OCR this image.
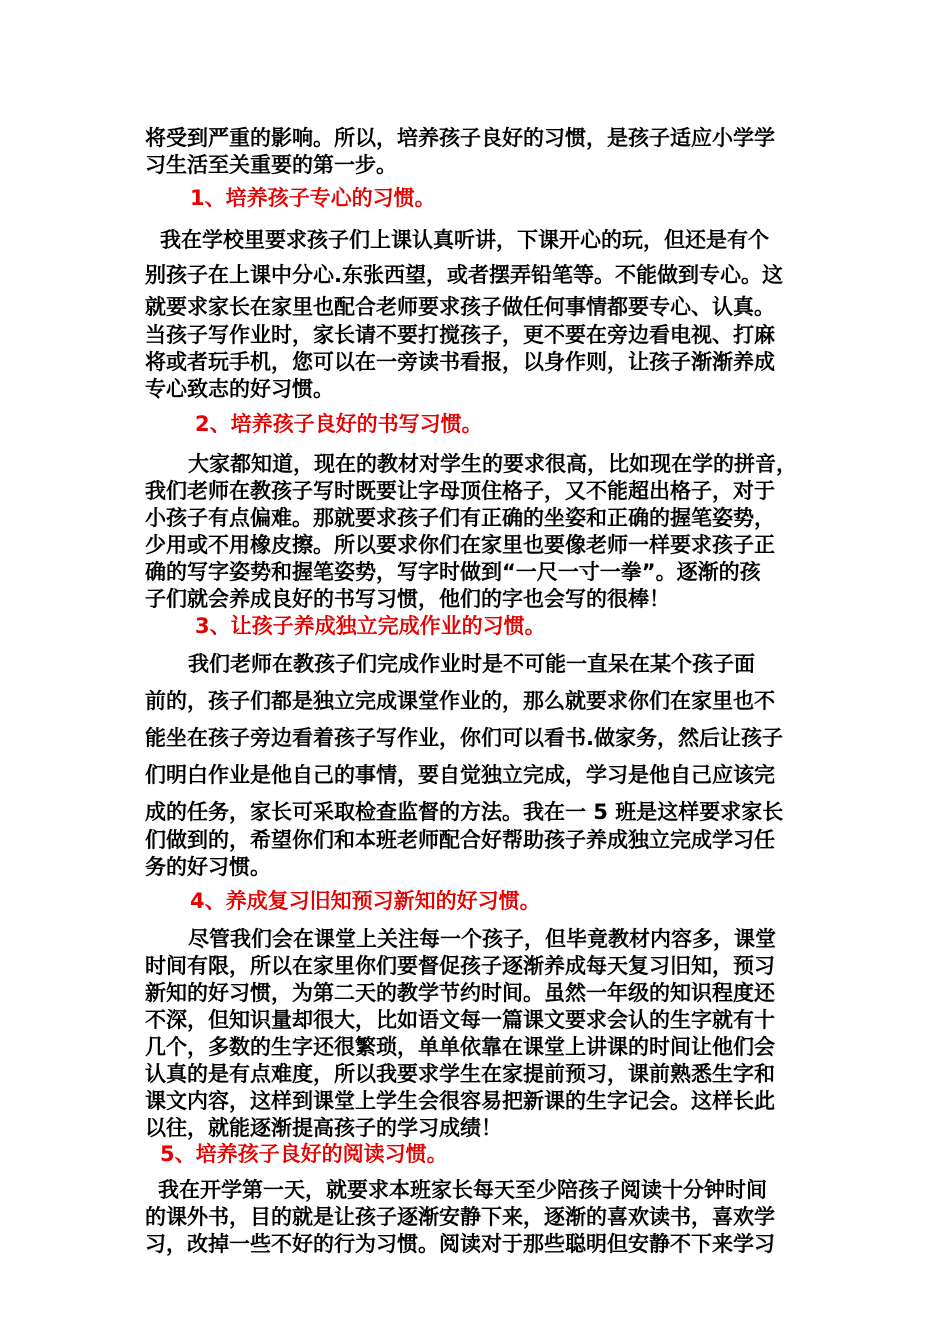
将受到严重的影响。所以，培养孩子良好的习惯，是孩子适应小学学
习生活至关重要的第一步。
1、培养孩子专心的习惯。
我在学校里要求孩子们上课认真听讲，下课开心的玩，但还是有个
别孩子在上课中分心.东张西望，或者摆弄铅笔等。不能做到专心。这
就要求家长在家里也配合老师要求孩子做任何事情都要专心、认真。
当孩子写作业时，家长请不要打搅孩子，更不要在旁边看电视、打麻
将或者玩手机，您可以在一旁读书看报，以身作则，让孩子渐渐养成
专心致志的好习惯。
2、培养孩子良好的书写习惯。
大家都知道，现在的教材对学生的要求很高，比如现在学的拼音，
我们老师在教孩子写时既要让字母顶住格子，又不能超出格子，对于
小孩子有点偏难。那就要求孩子们有正确的坐姿和正确的握笔姿势，
少用或不用橡皮擦。所以要求你们在家里也要像老师一样要求孩子正
确的写字姿势和握笔姿势，写字时做到“一尺一寸一拳”。逐渐的孩
子们就会养成良好的书写习惯，他们的字也会写的很棒！
3、让孩子养成独立完成作业的习惯。
我们老师在教孩子们完成作业时是不可能一直呆在某个孩子面
前的，孩子们都是独立完成课堂作业的，那么就要求你们在家里也不
能坐在孩子旁边看着孩子写作业，你们可以看书.做家务，然后让孩子
们明白作业是他自己的事情，要自觉独立完成，学习是他自己应该完
成的任务，家长可采取检查监督的方法。我在一 5 班是这样要求家长
们做到的，希望你们和本班老师配合好帮助孩子养成独立完成学习任
务的好习惯。
4、养成复习旧知预习新知的好习惯。
尽管我们会在课堂上关注每一个孩子，但毕竟教材内容多，课堂
时间有限，所以在家里你们要督促孩子逐渐养成每天复习旧知，预习
新知的好习惯，为第二天的教学节约时间。虽然一年级的知识程度还
不深，但知识量却很大，比如语文每一篇课文要求会认的生字就有十
几个，多数的生字还很繁琐，单单依靠在课堂上讲课的时间让他们会
认真的是有点难度，所以我要求学生在家提前预习，课前熟悉生字和
课文内容，这样到课堂上学生会很容易把新课的生字记会。这样长此
以往，就能逐渐提高孩子的学习成绩！
5、培养孩子良好的阅读习惯。
我在开学第一天，就要求本班家长每天至少陪孩子阅读十分钟时间
的课外书，目的就是让孩子逐渐安静下来，逐渐的喜欢读书，喜欢学
习，改掉一些不好的行为习惯。阅读对于那些聪明但安静不下来学习
